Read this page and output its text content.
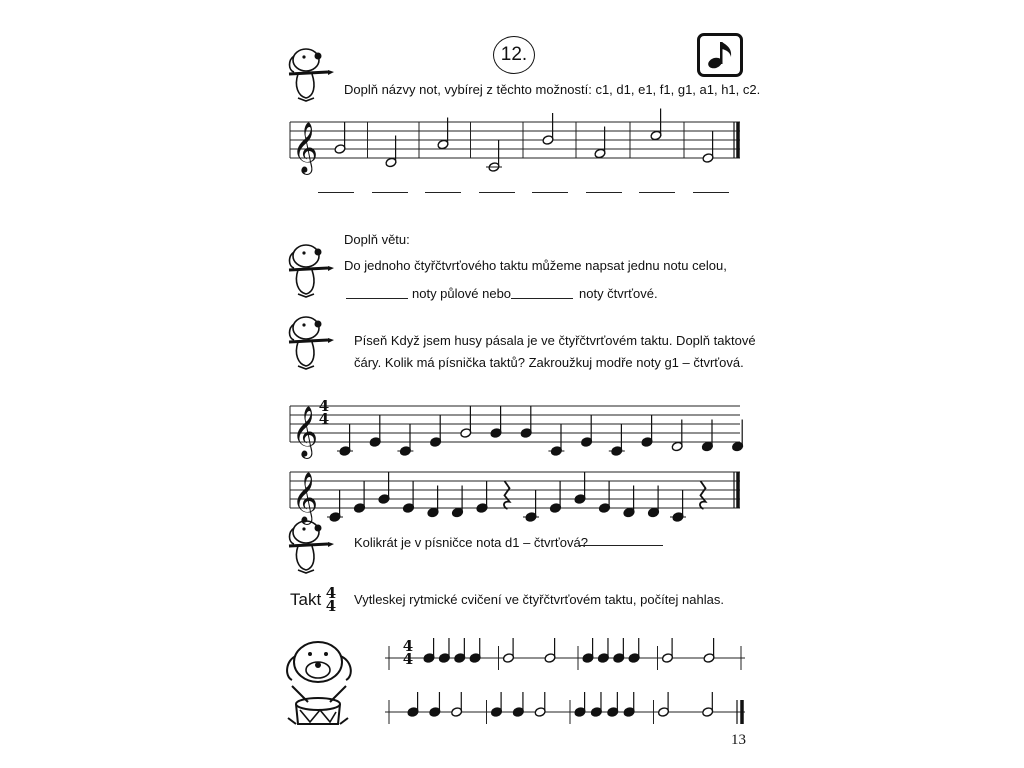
12.
Doplň názvy not, vybírej z těchto možností: c1, d1, e1, f1, g1, a1, h1, c2.
𝄞
Doplň větu:
Do jednoho čtyřčtvrťového taktu můžeme napsat jednu notu celou,
noty půlové nebo	noty čtvrťové.
Píseň Když jsem husy pásala je ve čtyřčtvrťovém taktu. Doplň taktové
čáry. Kolik má písnička taktů? Zakroužkuj modře noty g1 – čtvrťová.
𝄞 4
4
𝄞
Kolikrát je v písničce nota d1 – čtvrťová?
Takt 4
4 Vytleskej rytmické cvičení ve čtyřčtvrťovém taktu, počítej nahlas.
4
4
13
